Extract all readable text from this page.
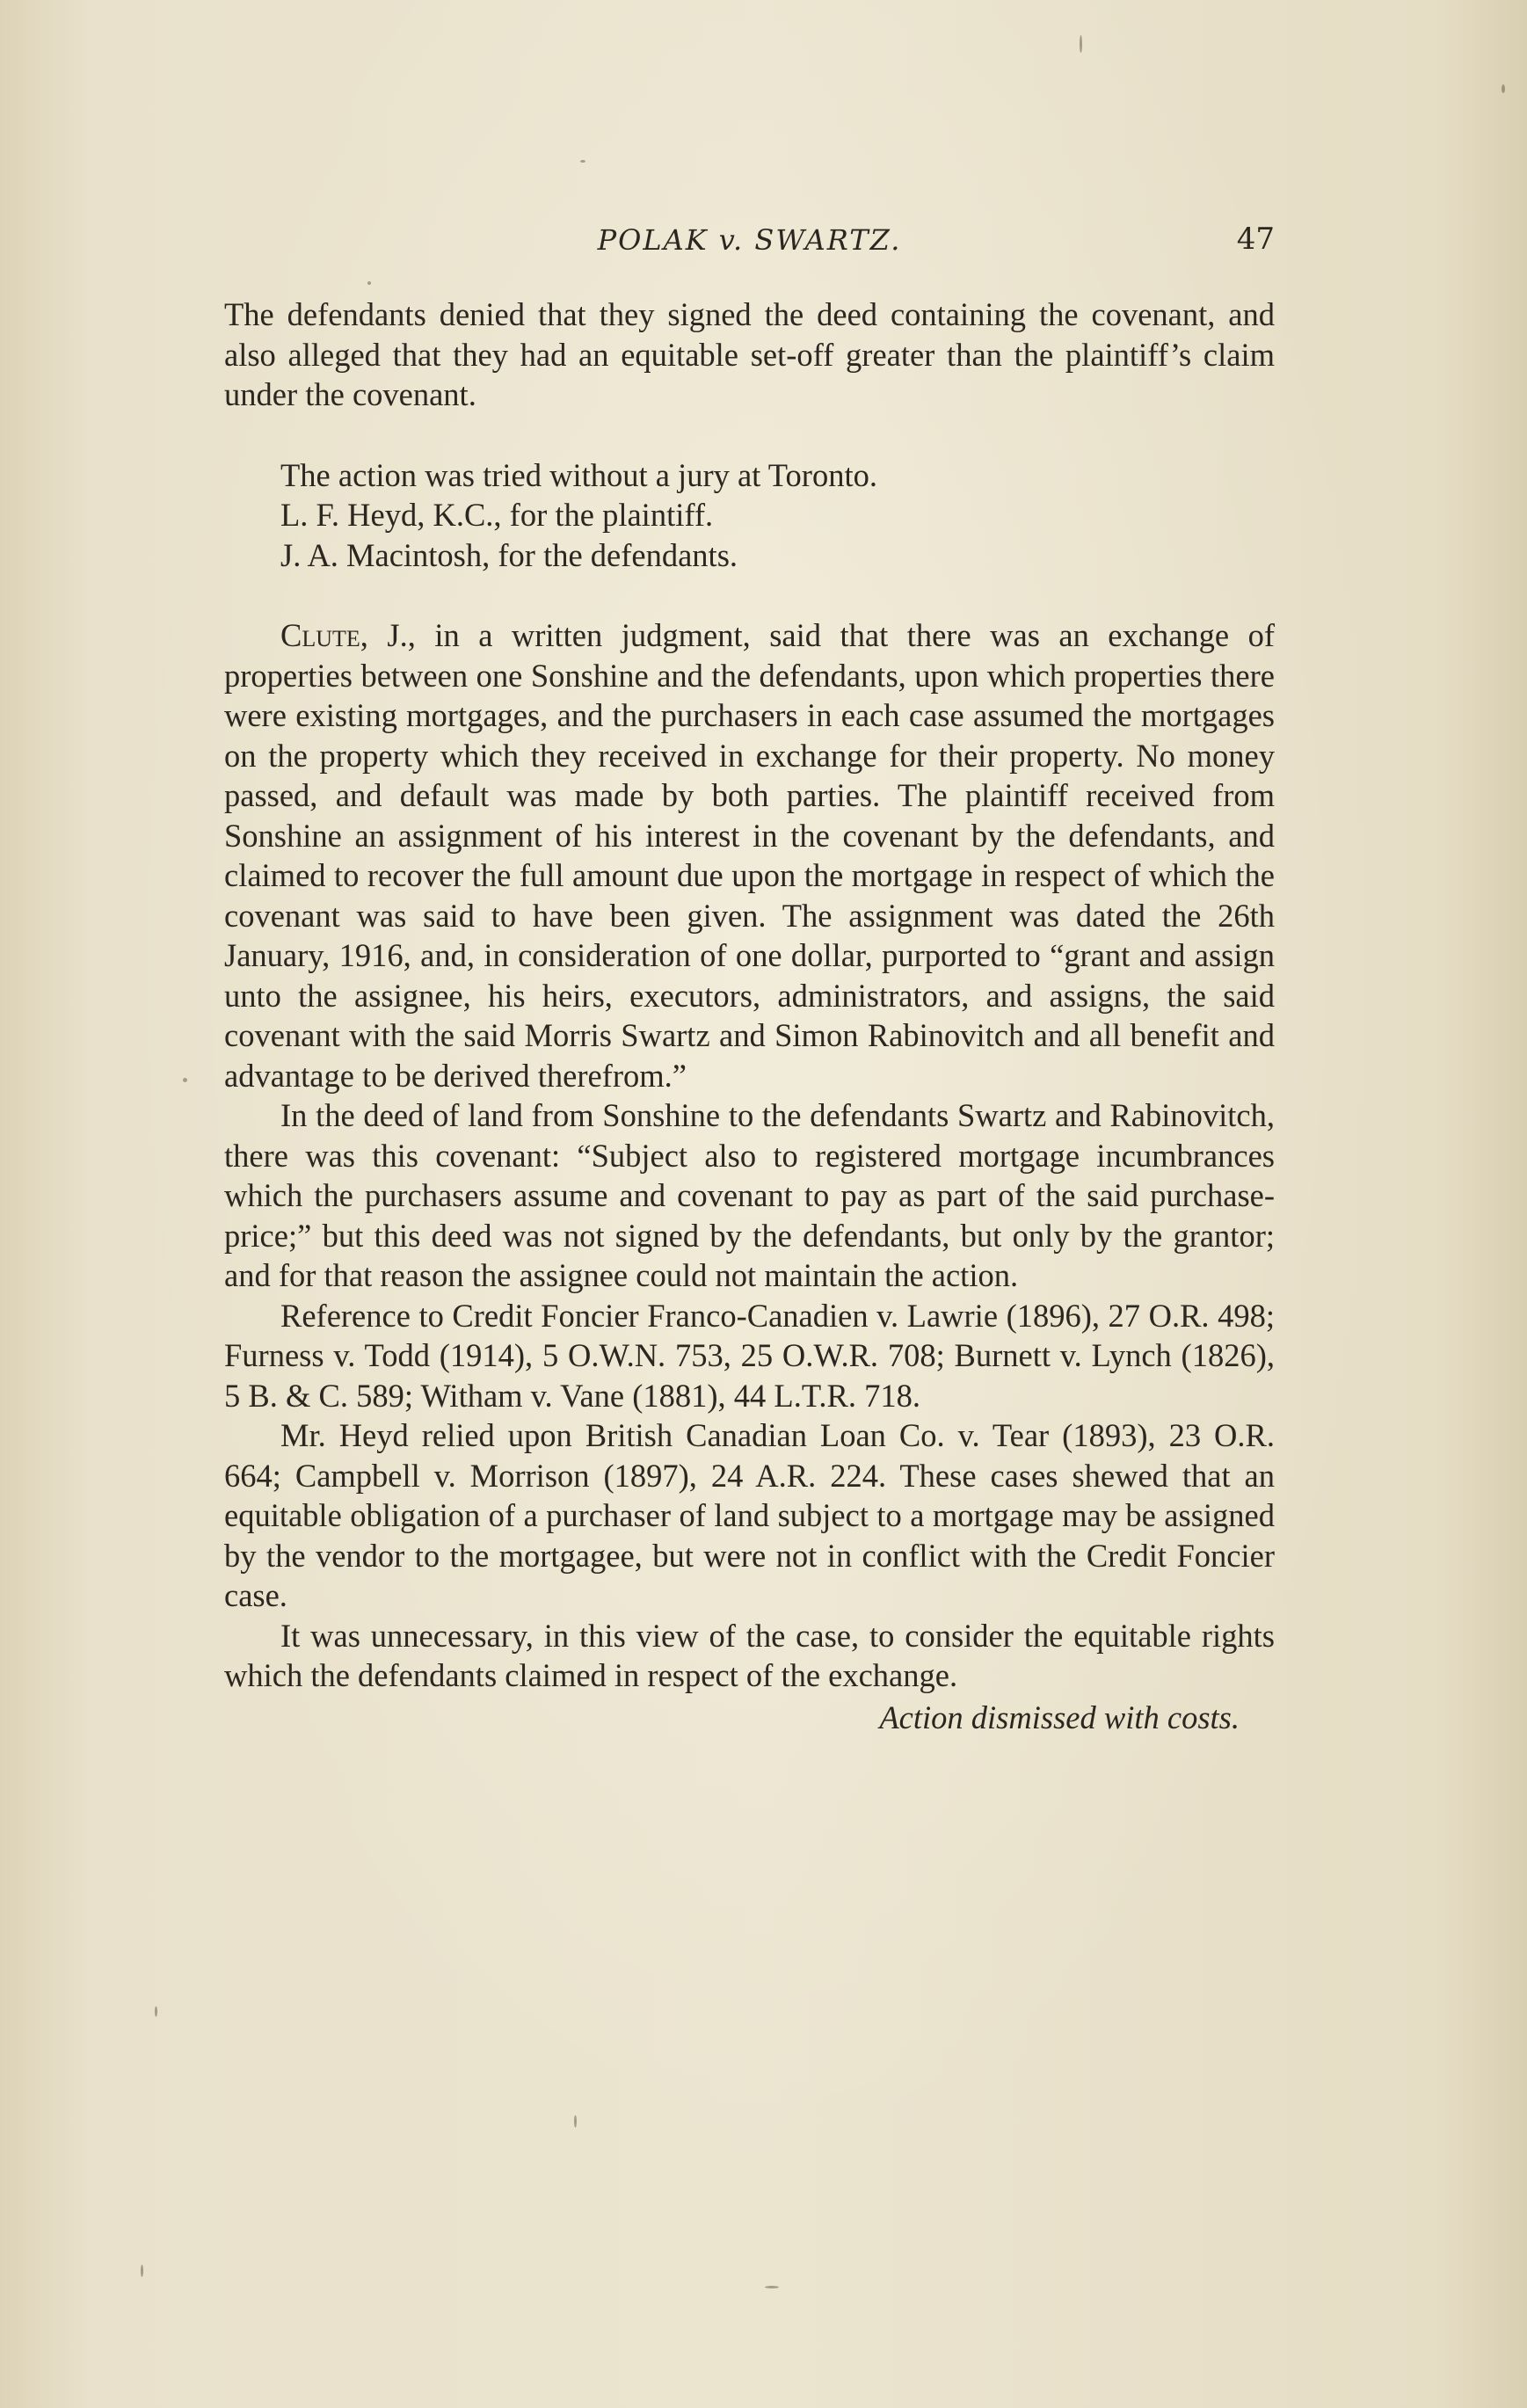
POLAK v. SWARTZ.	47

The defendants denied that they signed the deed containing the covenant, and also alleged that they had an equitable set-off greater than the plaintiff’s claim under the covenant.

The action was tried without a jury at Toronto.

L. F. Heyd, K.C., for the plaintiff.

J. A. Macintosh, for the defendants.

Clute, J., in a written judgment, said that there was an exchange of properties between one Sonshine and the defendants, upon which properties there were existing mortgages, and the purchasers in each case assumed the mortgages on the property which they received in exchange for their property. No money passed, and default was made by both parties. The plaintiff received from Sonshine an assignment of his interest in the covenant by the defendants, and claimed to recover the full amount due upon the mortgage in respect of which the covenant was said to have been given. The assignment was dated the 26th January, 1916, and, in consideration of one dollar, purported to “grant and assign unto the assignee, his heirs, executors, administrators, and assigns, the said covenant with the said Morris Swartz and Simon Rabinovitch and all benefit and advantage to be derived therefrom.”

In the deed of land from Sonshine to the defendants Swartz and Rabinovitch, there was this covenant: “Subject also to registered mortgage incumbrances which the purchasers assume and covenant to pay as part of the said purchase-price;” but this deed was not signed by the defendants, but only by the grantor; and for that reason the assignee could not maintain the action.

Reference to Credit Foncier Franco-Canadien v. Lawrie (1896), 27 O.R. 498; Furness v. Todd (1914), 5 O.W.N. 753, 25 O.W.R. 708; Burnett v. Lynch (1826), 5 B. & C. 589; Witham v. Vane (1881), 44 L.T.R. 718.

Mr. Heyd relied upon British Canadian Loan Co. v. Tear (1893), 23 O.R. 664; Campbell v. Morrison (1897), 24 A.R. 224. These cases shewed that an equitable obligation of a purchaser of land subject to a mortgage may be assigned by the vendor to the mortgagee, but were not in conflict with the Credit Foncier case.

It was unnecessary, in this view of the case, to consider the equitable rights which the defendants claimed in respect of the exchange.

Action dismissed with costs.
